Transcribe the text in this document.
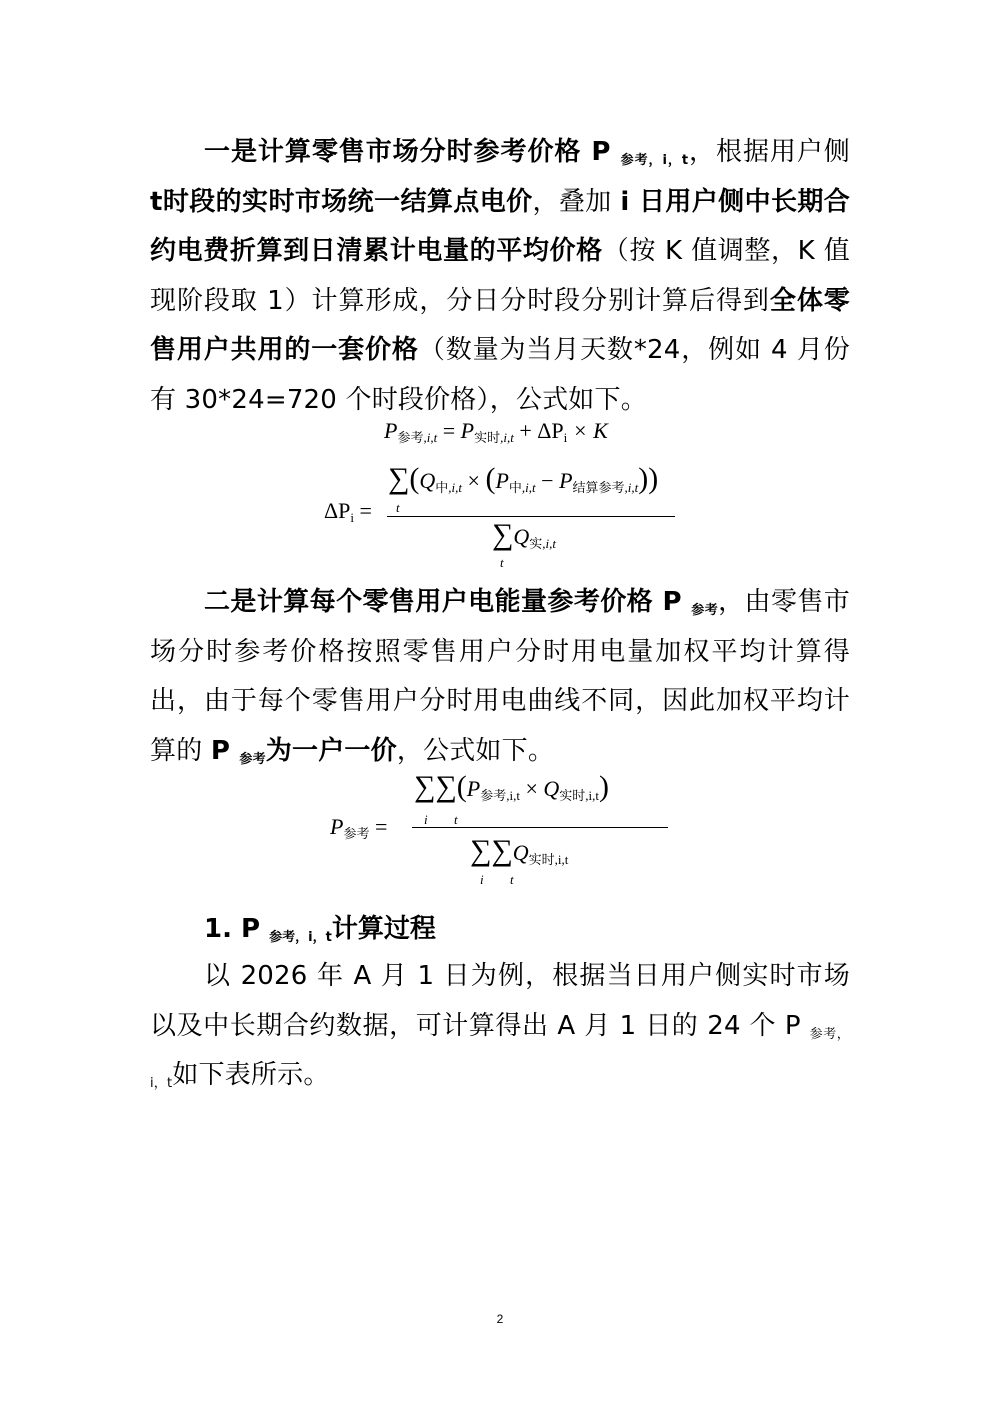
一是计算零售市场分时参考价格 P $_{参考,i,t}$，根据用户侧 t时段的实时市场统一结算点电价，叠加 i 日用户侧中长期合约电费折算到日清累计电量的平均价格（按 K 值调整，K 值现阶段取 1）计算形成，分日分时段分别计算后得到全体零售用户共用的一套价格（数量为当月天数*24，例如 4 月份有 30*24=720 个时段价格），公式如下。
$P_{参考,i,t} = P_{实时,i,t} + \Delta P_i \times K$
$\Delta P_i$ =
$\sum(Q_{中,i,t} \times (P_{中,i,t} - P_{结算参考,i,t}))$
t
$\sum Q_{实,i,t}$
t
二是计算每个零售用户电能量参考价格 P $_{参考}$，由零售市场分时参考价格按照零售用户分时用电量加权平均计算得出，由于每个零售用户分时用电曲线不同，因此加权平均计算的 P $_{参考}$为一户一价，公式如下。
$P_{参考}$ =
$\sum\sum(P_{参考,i,t} \times Q_{实时,i,t})$
i t
$\sum\sum Q_{实时,i,t}$
i t
1. P $_{参考,i,t}$计算过程
以 2026 年 A 月 1 日为例，根据当日用户侧实时市场以及中长期合约数据，可计算得出 A 月 1 日的 24 个 P $_{参考,i,t}$如下表所示。
2
